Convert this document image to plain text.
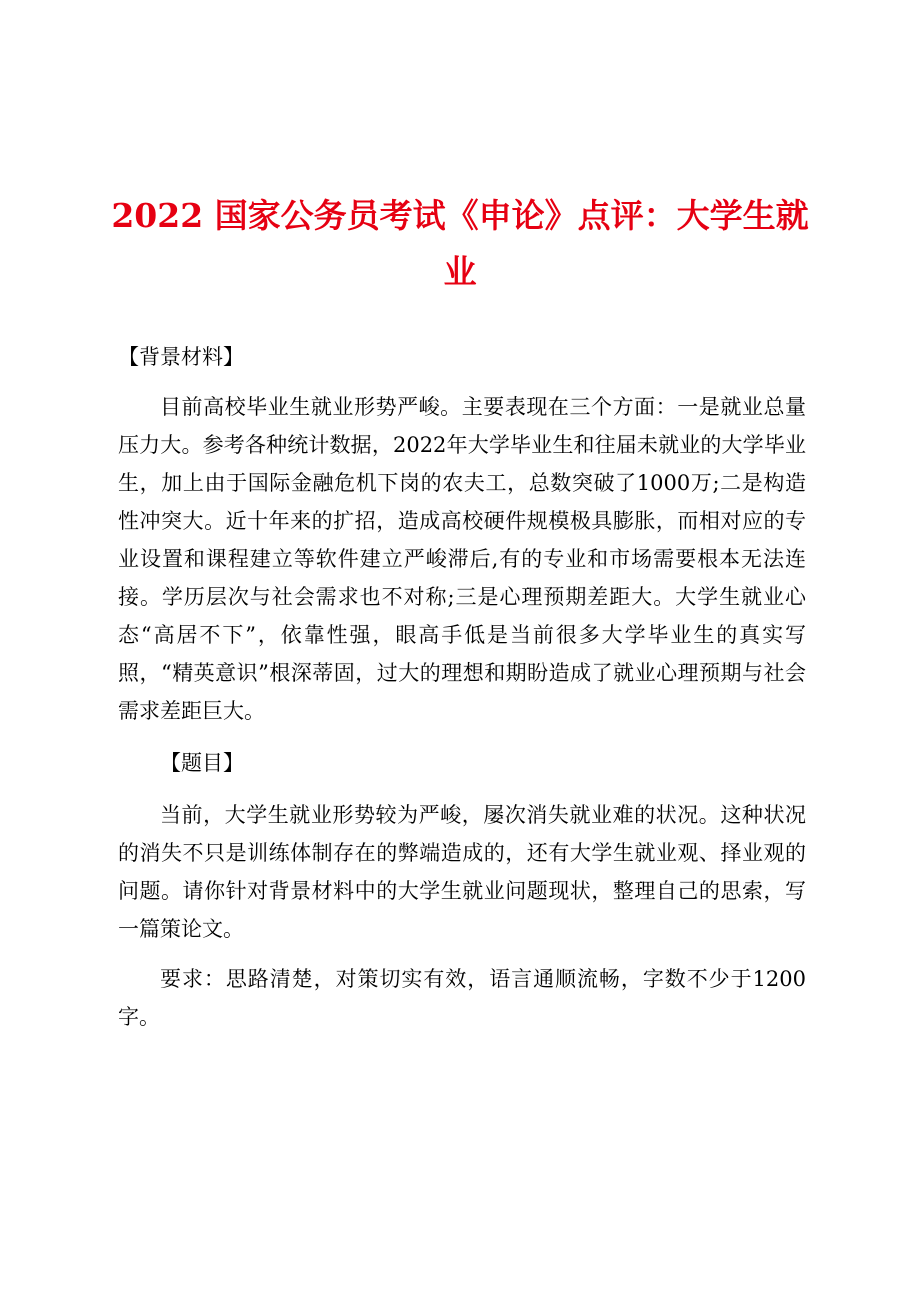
2022 国家公务员考试《申论》点评：大学生就业

【背景材料】

目前高校毕业生就业形势严峻。主要表现在三个方面：一是就业总量压力大。参考各种统计数据，2022年大学毕业生和往届未就业的大学毕业生，加上由于国际金融危机下岗的农夫工，总数突破了1000万;二是构造性冲突大。近十年来的扩招，造成高校硬件规模极具膨胀，而相对应的专业设置和课程建立等软件建立严峻滞后,有的专业和市场需要根本无法连接。学历层次与社会需求也不对称;三是心理预期差距大。大学生就业心态“高居不下”，依靠性强，眼高手低是当前很多大学毕业生的真实写照，“精英意识”根深蒂固，过大的理想和期盼造成了就业心理预期与社会需求差距巨大。

【题目】

当前，大学生就业形势较为严峻，屡次消失就业难的状况。这种状况的消失不只是训练体制存在的弊端造成的，还有大学生就业观、择业观的问题。请你针对背景材料中的大学生就业问题现状，整理自己的思索，写一篇策论文。

要求：思路清楚，对策切实有效，语言通顺流畅，字数不少于1200字。
